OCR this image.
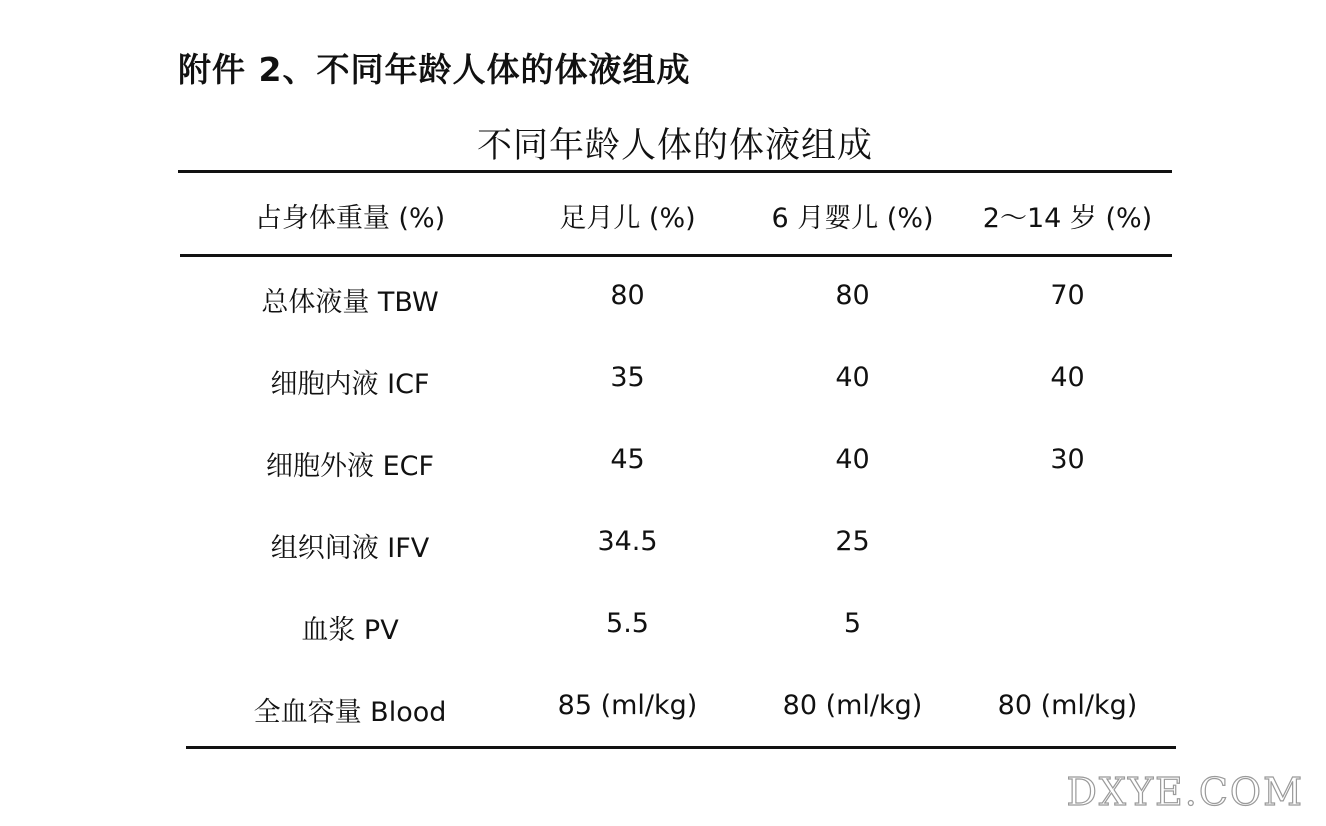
附件 2、不同年龄人体的体液组成
不同年龄人体的体液组成
占身体重量 (%)	足月儿 (%)	6 月婴儿 (%)	2～14 岁 (%)
总体液量 TBW	80	80	70
细胞内液 ICF	35	40	40
细胞外液 ECF	45	40	30
组织间液 IFV	34.5	25
血浆 PV	5.5	5
全血容量 Blood	85 (ml/kg)	80 (ml/kg)	80 (ml/kg)
DXYE.COM
